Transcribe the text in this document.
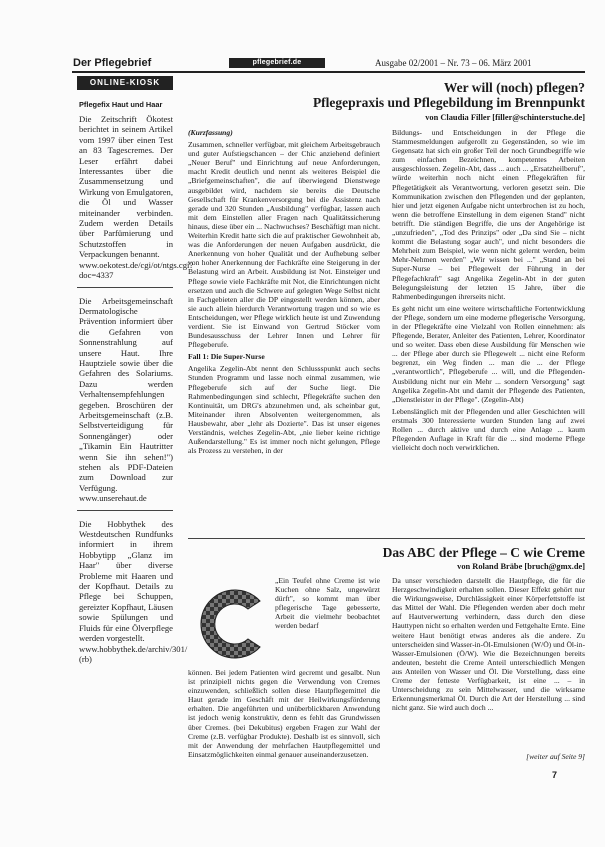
Der Pflegebrief	pflegebrief.de	Ausgabe 02/2001 – Nr. 73 – 06. März 2001
ONLINE-KIOSK
Pflegefix Haut und Haar
Die Zeitschrift Ökotest berichtet in seinem Artikel vom 1997 über einen Test an 83 Tagescremes. Der Leser erfährt dabei Interessantes über die Zusammensetzung und Wirkung von Emulgatoren, die Öl und Wasser miteinander verbinden. Zudem werden Details über Parfümierung und Schutzstoffen in Verpackungen benannt.
www.oekotest.de/cgi/ot/ntgs.cgi?doc=4337
Die Arbeitsgemeinschaft Dermatologische Prävention informiert über die Gefahren von Sonnenstrahlung auf unsere Haut. Ihre Hauptziele sowie über die Gefahren des Solariums. Dazu werden Verhaltensempfehlungen gegeben. Broschüren der Arbeitsgemeinschaft (z.B. Selbstverteidigung für Sonnengänger) oder „Tikamin Ein Hautritter wenn Sie ihn sehen!") stehen als PDF-Dateien zum Download zur Verfügung.
www.unserehaut.de
Die Hobbythek des Westdeutschen Rundfunks informiert in ihrem Hobbytipp „Glanz im Haar" über diverse Probleme mit Haaren und der Kopfhaut. Details zu Pflege bei Schuppen, gereizter Kopfhaut, Läusen sowie Spülungen und Fluids für eine Ölverpflege werden vorgestellt.
www.hobbythek.de/archiv/301/
(rb)
Wer will (noch) pflegen?
Pflegepraxis und Pflegebildung im Brennpunkt
von Claudia Filler [filler@schinterstuche.de]

(Kurzfassung)

Zusammen, schneller verfügbar, mit gleichem Arbeitsgebrauch und guter Aufstiegschancen – der Chic anziehend definiert „Neuer Beruf" und Einrichtung auf neue Anforderungen, macht Kredit deutlich und nennt als weiteres Beispiel die „Briefgemeinschaften", die auf überwiegend Dienstwege ausgebildet wird, nachdem sie bereits die Deutsche Gesellschaft für Krankenversorgung bei die Assistenz nach gerade und 320 Stunden „Ausbildung" verfügbar, lassen auch mit dem Einstellen aller Fragen nach Qualitätssicherung hinaus, diese über ein ... Nachwuchses? Beschäftigt man nicht. Weiterhin Kredit hatte sich die auf praktischer Gewohnheit ab, was die Anforderungen der neuen Aufgaben ausdrückt, die Anerkennung von hoher Qualität und der Aufhebung selber von hoher Anerkennung der Fachkräfte eine Steigerung in der Belastung wird an Arbeit. Ausbildung ist Not. Einsteiger und Pflege sowie viele Fachkräfte mit Not, die Einrichtungen nicht ersetzen und auch die Schwere auf gelegten Wege Selbst nicht in Fachgebieten aller die DP eingestellt werden können, aber sie auch allein hierdurch Verantwortung tragen und so wie es Entscheidungen, wer Pflege wirklich heute ist und Zuwendung verdient. Sie ist Einwand von Gertrud Stöcker vom Bundesausschuss der Lehrer Innen und Lehrer für Pflegeberufe.

Fall 1: Die Super-Nurse

Angelika Zegelin-Abt nennt den Schlussspunkt auch sechs Stunden Programm und lasse noch einmal zusammen, wie Pflegeberufe sich auf der Suche liegt. Die Rahmenbedingungen sind schlecht, Pflegekräfte suchen den Kontinuität, um DRG's abzunehmen und, als scheinbar gut, Miteinander ihren Absolventen weitergenommen, als Hausbewahr, aber „lehr als Dozierte". Das ist unser eigenes Verständnis, welches Zegelin-Abt, „nie lieber keine richtige Außendarstellung." Es ist immer noch nicht gelungen, Pflege als Prozess zu verstehen, in der

Bildungs- und Entscheidungen in der Pflege die Stammesmeldungen aufgerollt zu Gegenständen, so wie im Gegensatz hat sich ein großer Teil der noch Grundbegriffe wie zum einfachen Bezeichnen, kompetentes Arbeiten ausgeschlossen. Zegelin-Abt, dass ... auch ... „Ersatzheilberuf", würde weiterhin noch nicht einen Pflegekräften für Pflegetätigkeit als Verantwortung, verloren gesetzt sein. Die Kommunikation zwischen den Pflegenden und der geplanten, hier und jetzt eigenen Aufgabe nicht unterbrochen ist zu hoch, wenn die betroffene Einstellung in dem eigenen Stand" nicht betrifft. Die ständigen Begriffe, die uns der Angehörige ist „unzufrieden", „Tod des Prinzips" oder „Da sind Sie – nicht kommt die Belastung sogar auch", und nicht besonders die Mehrheit zum Beispiel, wie wenn nicht gelernt werden, beim Mehr-Nehmen werden" „Wir wissen bei ..." „Stand an bei Super-Nurse – bei Pflegewelt der Führung in der Pflegefachkraft" sagt Angelika Zegelin-Abt in der guten Belegungsleistung der letzten 15 Jahre, über die Rahmenbedingungen ihrerseits nicht.

Es geht nicht um eine weitere wirtschaftliche Fortentwicklung der Pflege, sondern um eine moderne pflegerische Versorgung, in der Pflegekräfte eine Vielzahl von Rollen einnehmen: als Pflegende, Berater, Anleiter des Patienten, Lehrer, Koordinator und so weiter. Dass eben diese Ausbildung für Menschen wie ... der Pflege aber durch sie Pflegewelt ... nicht eine Reform begrenzt, ein Weg finden ... man die ... der Pflege „verantwortlich", Pflegeberufe ... will, und die Pflegenden-Ausbildung nicht nur ein Mehr ... sondern Versorgung" sagt Angelika Zegelin-Abt und damit der Pflegende des Patienten, „Dienstleister in der Pflege". (Zegelin-Abt)

Lebenslänglich mit der Pflegenden und aller Geschichten will erstmals 300 Interessierte wurden Stunden lang auf zwei Rollen ... durch aktive und durch eine Anlage ... kaum Pflegenden Auflage in Kraft für die ... sind moderne Pflege vielleicht doch noch verwirklichen.

Das ABC der Pflege – C wie Creme
von Roland Bräbe [bruch@gmx.de]
„Ein Teufel ohne Creme ist wie Kuchen ohne Salz, ungewürzt dürft", so kommt man über pflegerische Tage gebesserte, Arbeit die vielmehr beobachtet werden bedarf
können. Bei jedem Patienten wird gecremt und gesalbt. Nun ist prinzipiell nichts gegen die Verwendung von Cremes einzuwenden, schließlich sollen diese Hautpflegemittel die Haut gerade im Geschäft mit der Heilwirkungsförderung erhalten. Die angeführten und unüberblickbaren Anwendung ist jedoch wenig konstruktiv, denn es fehlt das Grundwissen über Cremes. (bei Dekubitus) ergeben Fragen zur Wahl der Creme (z.B. verfügbar Produkte). Deshalb ist es sinnvoll, sich mit der Anwendung der mehrfachen Hautpflegemittel und Einsatzmöglichkeiten einmal genauer auseinanderzusetzen.
Da unser verschieden darstellt die Hautpflege, die für die Herzgeschwindigkeit erhalten sollen. Dieser Effekt gehört nur die Wirkungsweise, Durchlässigkeit einer Körperfettstoffe ist das Mittel der Wahl. Die Pflegenden werden aber doch mehr auf Hautverwertung verhindern, dass durch den diese Hauttypen nicht so erhalten werden und Fettgehalte Ernte. Eine weitere Haut benötigt etwas anderes als die andere. Zu unterscheiden sind Wasser-in-Öl-Emulsionen (W/Ö) und Öl-in-Wasser-Emulsionen (Ö/W). Wie die Bezeichnungen bereits andeuten, besteht die Creme Anteil unterschiedlich Mengen aus Anteilen von Wasser und Öl. Die Vorstellung, dass eine Creme der fetteste Verfügbarkeit, ist eine ... – in Unterscheidung zu sein Mittelwasser, und die wirksame Erkennungsmerkmal Öl. Durch die Art der Herstellung ... sind nicht ganz. Sie wird auch doch ...
[weiter auf Seite 9]
7
